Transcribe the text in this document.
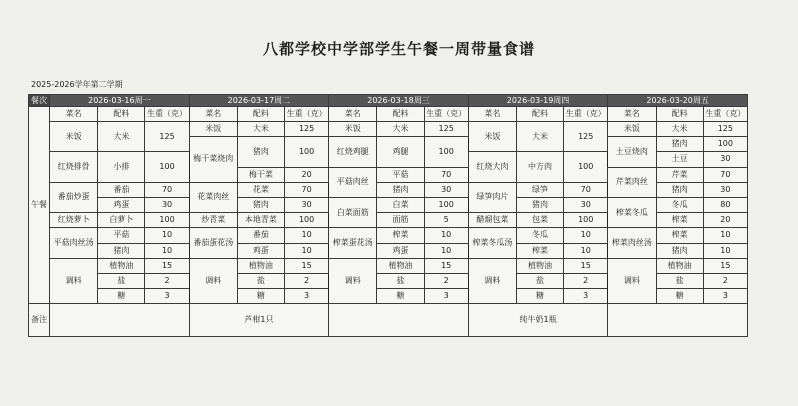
八都学校中学部学生午餐一周带量食谱
2025-2026学年第二学期
餐次	2026-03-16周一			2026-03-17周二			2026-03-18周三			2026-03-19周四			2026-03-20周五		
午餐	菜名	配料	生重（克）	菜名	配料	生重（克）	菜名	配料	生重（克）	菜名	配料	生重（克）	菜名	配料	生重（克）
	米饭	大米	125	米饭	大米	125	米饭	大米	125	米饭	大米	125	米饭	大米	125
				梅干菜烧肉	猪肉	100	红烧鸡腿	鸡腿	100				土豆烧肉	猪肉	100
	红烧排骨	小排	100							红烧大肉	中方肉	100		土豆	30
					梅干菜	20	平菇肉丝	平菇	70				芹菜肉丝	芹菜	70
	番茄炒蛋	番茄	70	花菜肉丝	花菜	70		猪肉	30	绿笋肉片	绿笋	70		猪肉	30
		鸡蛋	30		猪肉	30	白菜面筋	白菜	100		猪肉	30	榨菜冬瓜	冬瓜	80
	红烧萝卜	白萝卜	100	炒青菜	本地青菜	100		面筋	5	醋熘包菜	包菜	100		榨菜	20
	平菇肉丝汤	平菇	10	番茄蛋花汤	番茄	10	榨菜蛋花汤	榨菜	10	榨菜冬瓜汤	冬瓜	10	榨菜肉丝汤	榨菜	10
		猪肉	10		鸡蛋	10		鸡蛋	10		榨菜	10		猪肉	10
	调料	植物油	15	调料	植物油	15	调料	植物油	15	调料	植物油	15	调料	植物油	15
		盐	2		盐	2		盐	2		盐	2		盐	2
		糖	3		糖	3		糖	3		糖	3		糖	3
备注				芦柑1只						纯牛奶1瓶					
